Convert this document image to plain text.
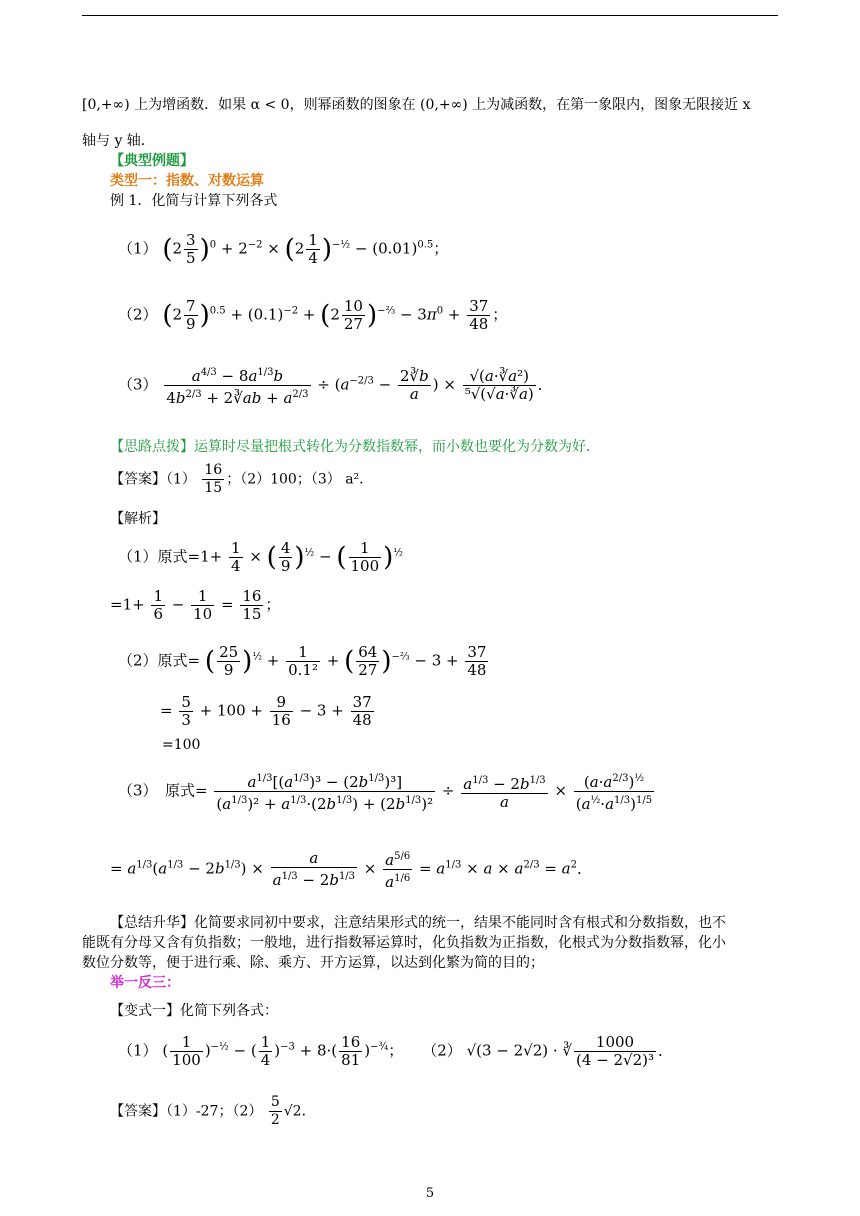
[0,+∞) 上为增函数．如果 α < 0，则幂函数的图象在 (0,+∞) 上为减函数，在第一象限内，图象无限接近 x
轴与 y 轴．
【典型例题】
类型一：指数、对数运算
例 1．化简与计算下列各式
（1） $(2 \frac{3}{5} )^0 + 2^{-2} \times (2 \frac{1}{4} )^{-\frac{1}{2}} - (0.01)^{0.5}$；
（2） $(2 \frac{7}{9} )^{0.5} + (0.1)^{-2} + (2 \frac{10}{27} )^{-\frac{2}{3}} - 3\pi^0 + \frac{37}{48}$ ；
$(3) \frac{a^{4/3} - 8a^{1/3}b}{4b^{2/3} + 2∛ab + a^{2/3}} \div (a^{-2/3} - \frac{2∛b}{a}$ ) × $\frac{\text{√(a·∛a²)}}{\text{⁵√(√a·∛a)}}$ ．
【思路点拨】运算时尽量把根式转化为分数指数幂，而小数也要化为分数为好．
【答案】$(1) \frac{16}{15}$ ；（2）100；（3） a²．
【解析】
（1）原式$=1+ \frac{1}{4}$ × ( $\frac{4}{9} )^{\frac{1}{2}}$ − ( $\frac{1}{100} )^{\frac{1}{2}}$
$=1+ \frac{1}{6} - \frac{1}{10} = \frac{16}{15}$ ；
（2）原式= ( $\frac{25}{9} )^{\frac{1}{2}} + \frac{1}{\text{0.1²}}$ + ( $\frac{64}{27} )^{-\frac{2}{3}} - 3 + \frac{37}{48}$
= $\frac{5}{3} + 100 + \frac{9}{16} - 3 + \frac{37}{48}$
=100
（3）　原式= $\frac{a^{1/3}[(a^{1/3})^3 - (2b^{1/3})^3]}{(a^{1/3})^2 + a^{1/3}\cdot(2b^{1/3}) + (2b^{1/3})^2} \div \frac{a^{1/3} - 2b^{1/3}}{a} \times \frac{(a\cdot a^{2/3})^{\frac{1}{2}}}{(a^{\frac{1}{2}}\cdot a^{1/3})^{1/5}}$
= $a^{1/3}(a^{1/3} - 2b^{1/3}) \times \frac{a}{a^{1/3} - 2b^{1/3}} \times \frac{a^{5/6}}{a^{1/6}} = a^{1/3} \times a \times a^{2/3} = a^2$．
【总结升华】化简要求同初中要求，注意结果形式的统一，结果不能同时含有根式和分数指数，也不
能既有分母又含有负指数；一般地，进行指数幂运算时，化负指数为正指数，化根式为分数指数幂，化小
数位分数等，便于进行乘、除、乘方、开方运算，以达到化繁为简的目的；
举一反三：
【变式一】化简下列各式：
（1） ( $\frac{1}{100} )^{-\frac{1}{2}}$ − ( $\frac{1}{4} )^{-3} + 8\cdot( \frac{16}{81} )^{-\frac{3}{4}}$；    （2） √(3 − 2√2) · ∛ $\frac{1000}{\text{(4 − 2√2)³}}$ ．
【答案】（1）-27；$(2) \frac{5}{2} √2$．
5
